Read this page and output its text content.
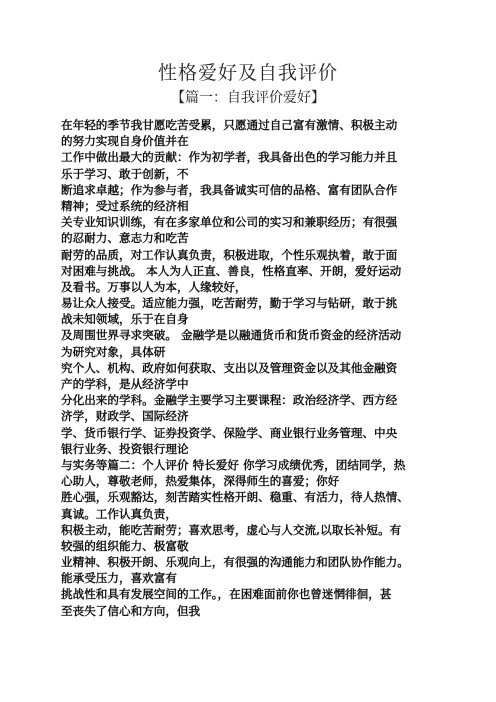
性格爱好及自我评价
【篇一：自我评价爱好】
在年轻的季节我甘愿吃苦受累，只愿通过自己富有激情、积极主动
的努力实现自身价值并在
工作中做出最大的贡献：作为初学者，我具备出色的学习能力并且
乐于学习、敢于创新，不
断追求卓越；作为参与者，我具备诚实可信的品格、富有团队合作
精神；受过系统的经济相
关专业知识训练，有在多家单位和公司的实习和兼职经历；有很强
的忍耐力、意志力和吃苦
耐劳的品质，对工作认真负责，积极进取，个性乐观执着，敢于面
对困难与挑战。 本人为人正直、善良，性格直率、开朗，爱好运动
及看书。万事以人为本，人缘较好，
易让众人接受。适应能力强，吃苦耐劳，勤于学习与钻研，敢于挑
战未知领域，乐于在自身
及周围世界寻求突破。 金融学是以融通货币和货币资金的经济活动
为研究对象，具体研
究个人、机构、政府如何获取、支出以及管理资金以及其他金融资
产的学科，是从经济学中
分化出来的学科。金融学主要学习主要课程：政治经济学、西方经
济学，财政学、国际经济
学、货币银行学、证券投资学、保险学、商业银行业务管理、中央
银行业务、投资银行理论
与实务等篇二：个人评价 特长爱好 你学习成绩优秀，团结同学，热
心助人，尊敬老师，热爱集体，深得师生的喜爱；你好
胜心强，乐观豁达，刻苦踏实性格开朗、稳重、有活力，待人热情、
真诚。工作认真负责，
积极主动，能吃苦耐劳；喜欢思考，虚心与人交流,以取长补短。有
较强的组织能力、极富敬
业精神、积极开朗、乐观向上，有很强的沟通能力和团队协作能力。
能承受压力，喜欢富有
挑战性和具有发展空间的工作。，在困难面前你也曾迷惘徘徊，甚
至丧失了信心和方向，但我
